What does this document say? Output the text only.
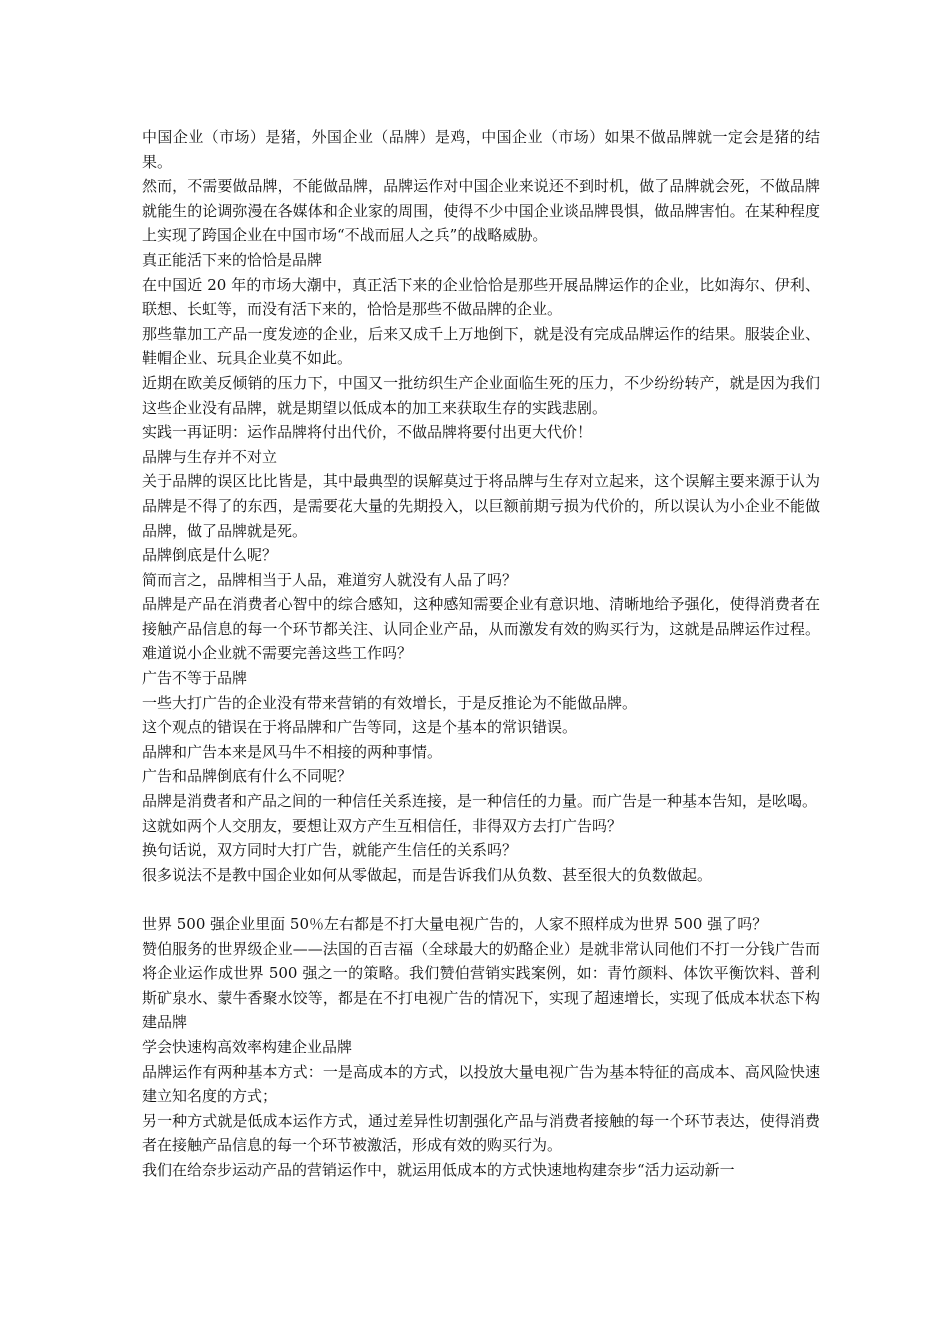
中国企业（市场）是猪，外国企业（品牌）是鸡，中国企业（市场）如果不做品牌就一定会是猪的结果。

然而，不需要做品牌，不能做品牌，品牌运作对中国企业来说还不到时机，做了品牌就会死，不做品牌就能生的论调弥漫在各媒体和企业家的周围，使得不少中国企业谈品牌畏惧，做品牌害怕。在某种程度上实现了跨国企业在中国市场“不战而屈人之兵”的战略威胁。

真正能活下来的恰恰是品牌

在中国近 20 年的市场大潮中，真正活下来的企业恰恰是那些开展品牌运作的企业，比如海尔、伊利、联想、长虹等，而没有活下来的，恰恰是那些不做品牌的企业。

那些靠加工产品一度发迹的企业，后来又成千上万地倒下，就是没有完成品牌运作的结果。服装企业、鞋帽企业、玩具企业莫不如此。

近期在欧美反倾销的压力下，中国又一批纺织生产企业面临生死的压力，不少纷纷转产，就是因为我们这些企业没有品牌，就是期望以低成本的加工来获取生存的实践悲剧。

实践一再证明：运作品牌将付出代价，不做品牌将要付出更大代价！

品牌与生存并不对立

关于品牌的误区比比皆是，其中最典型的误解莫过于将品牌与生存对立起来，这个误解主要来源于认为品牌是不得了的东西，是需要花大量的先期投入，以巨额前期亏损为代价的，所以误认为小企业不能做品牌，做了品牌就是死。

品牌倒底是什么呢？

简而言之，品牌相当于人品，难道穷人就没有人品了吗？

品牌是产品在消费者心智中的综合感知，这种感知需要企业有意识地、清晰地给予强化，使得消费者在接触产品信息的每一个环节都关注、认同企业产品，从而激发有效的购买行为，这就是品牌运作过程。难道说小企业就不需要完善这些工作吗？

广告不等于品牌

一些大打广告的企业没有带来营销的有效增长，于是反推论为不能做品牌。

这个观点的错误在于将品牌和广告等同，这是个基本的常识错误。

品牌和广告本来是风马牛不相接的两种事情。

广告和品牌倒底有什么不同呢？

品牌是消费者和产品之间的一种信任关系连接，是一种信任的力量。而广告是一种基本告知，是吆喝。

这就如两个人交朋友，要想让双方产生互相信任，非得双方去打广告吗？

换句话说，双方同时大打广告，就能产生信任的关系吗？

很多说法不是教中国企业如何从零做起，而是告诉我们从负数、甚至很大的负数做起。

世界 500 强企业里面 50％左右都是不打大量电视广告的，人家不照样成为世界 500 强了吗？

赞伯服务的世界级企业——法国的百吉福（全球最大的奶酪企业）是就非常认同他们不打一分钱广告而将企业运作成世界 500 强之一的策略。我们赞伯营销实践案例，如：青竹颜料、体饮平衡饮料、普利斯矿泉水、蒙牛香聚水饺等，都是在不打电视广告的情况下，实现了超速增长，实现了低成本状态下构建品牌

学会快速构高效率构建企业品牌

品牌运作有两种基本方式：一是高成本的方式，以投放大量电视广告为基本特征的高成本、高风险快速建立知名度的方式；

另一种方式就是低成本运作方式，通过差异性切割强化产品与消费者接触的每一个环节表达，使得消费者在接触产品信息的每一个环节被激活，形成有效的购买行为。

我们在给奈步运动产品的营销运作中，就运用低成本的方式快速地构建奈步“活力运动新一
